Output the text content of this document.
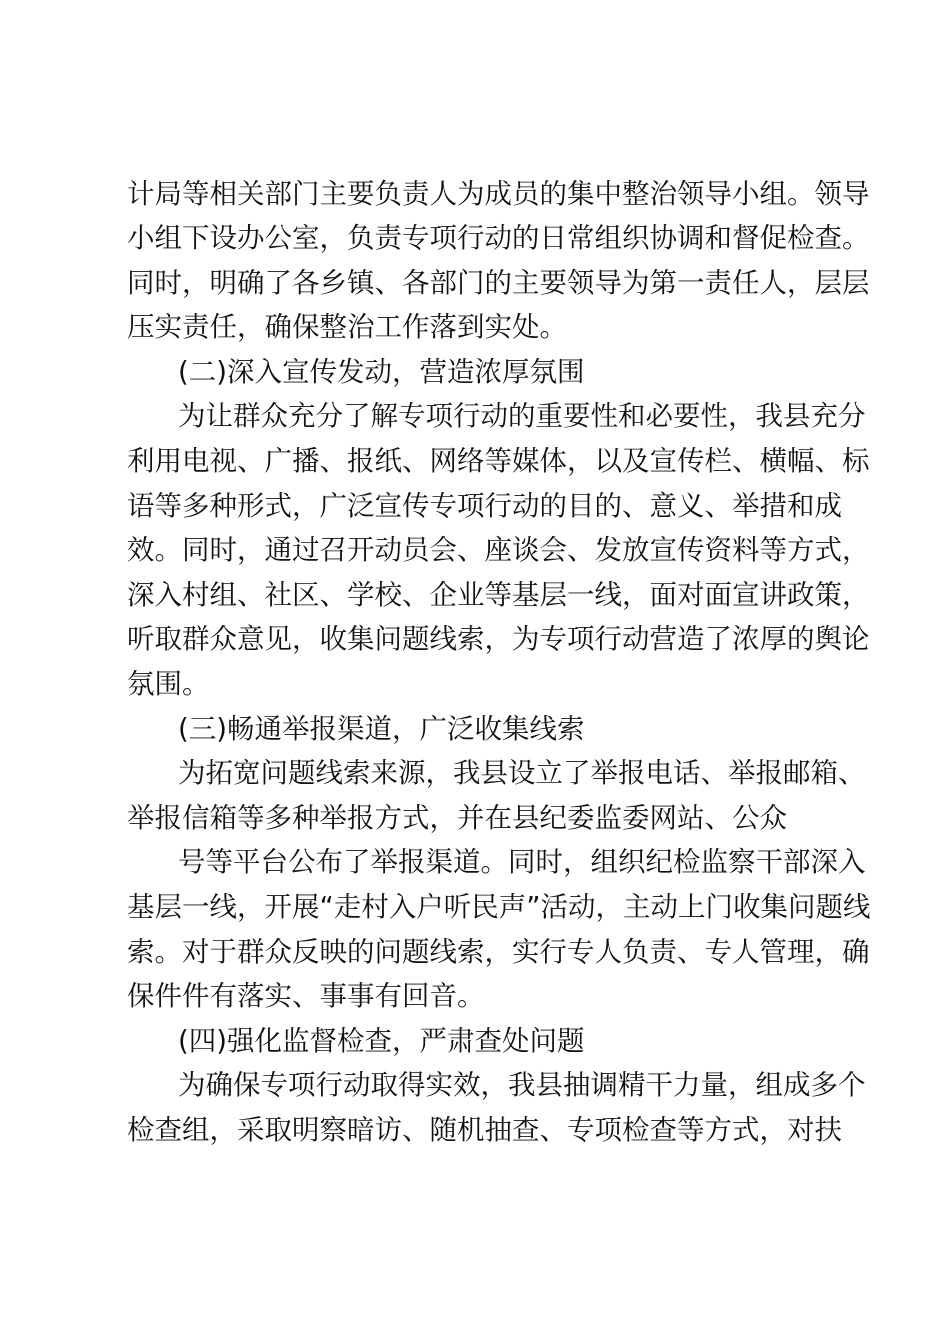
计局等相关部门主要负责人为成员的集中整治领导小组。领导
小组下设办公室，负责专项行动的日常组织协调和督促检查。
同时，明确了各乡镇、各部门的主要领导为第一责任人，层层
压实责任，确保整治工作落到实处。
(二)深入宣传发动，营造浓厚氛围
为让群众充分了解专项行动的重要性和必要性，我县充分
利用电视、广播、报纸、网络等媒体，以及宣传栏、横幅、标
语等多种形式，广泛宣传专项行动的目的、意义、举措和成
效。同时，通过召开动员会、座谈会、发放宣传资料等方式，
深入村组、社区、学校、企业等基层一线，面对面宣讲政策，
听取群众意见，收集问题线索，为专项行动营造了浓厚的舆论
氛围。
(三)畅通举报渠道，广泛收集线索
为拓宽问题线索来源，我县设立了举报电话、举报邮箱、
举报信箱等多种举报方式，并在县纪委监委网站、公众
号等平台公布了举报渠道。同时，组织纪检监察干部深入
基层一线，开展“走村入户听民声”活动，主动上门收集问题线
索。对于群众反映的问题线索，实行专人负责、专人管理，确
保件件有落实、事事有回音。
(四)强化监督检查，严肃查处问题
为确保专项行动取得实效，我县抽调精干力量，组成多个
检查组，采取明察暗访、随机抽查、专项检查等方式，对扶
